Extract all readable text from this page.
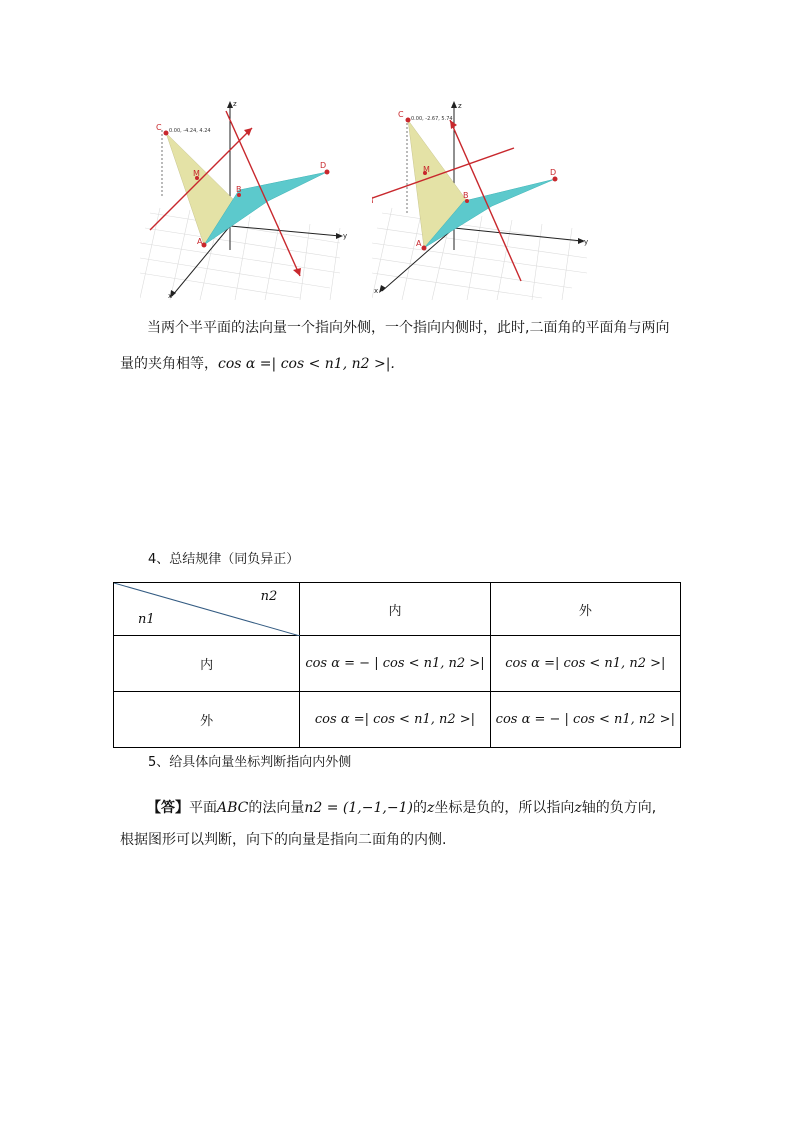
C 0.00, -4.24, 4.24
M
B
D
A
z
y
x
C 0.00, -2.67, 5.74
M
B
D
A
z
y
x
当两个半平面的法向量一个指向外侧，一个指向内侧时，此时,二面角的平面角与两向
量的夹角相等，cos α =| cos < n1, n2 >|.
4、总结规律（同负异正）
n2
n1	内	外
内	cos α = − | cos < n1, n2 >|	cos α =| cos < n1, n2 >|
外	cos α =| cos < n1, n2 >|	cos α = − | cos < n1, n2 >|
5、给具体向量坐标判断指向内外侧
【答】平面ABC的法向量n2 = (1,−1,−1)的z坐标是负的，所以指向z轴的负方向,
根据图形可以判断，向下的向量是指向二面角的内侧.
